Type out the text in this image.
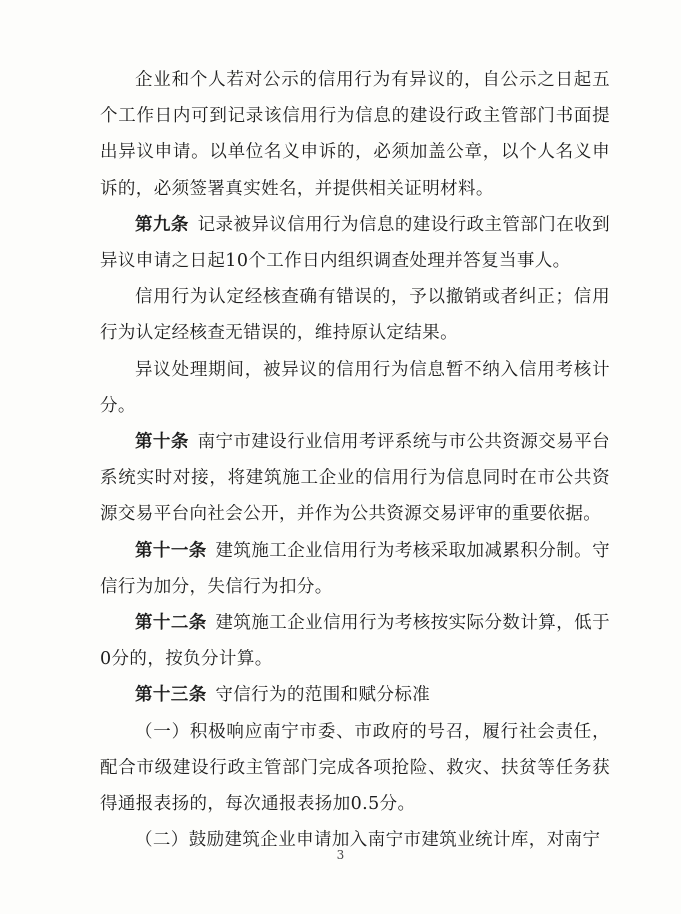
企业和个人若对公示的信用行为有异议的，自公示之日起五个工作日内可到记录该信用行为信息的建设行政主管部门书面提出异议申请。以单位名义申诉的，必须加盖公章，以个人名义申诉的，必须签署真实姓名，并提供相关证明材料。

第九条 记录被异议信用行为信息的建设行政主管部门在收到异议申请之日起10个工作日内组织调查处理并答复当事人。

信用行为认定经核查确有错误的，予以撤销或者纠正；信用行为认定经核查无错误的，维持原认定结果。

异议处理期间，被异议的信用行为信息暂不纳入信用考核计分。

第十条 南宁市建设行业信用考评系统与市公共资源交易平台系统实时对接，将建筑施工企业的信用行为信息同时在市公共资源交易平台向社会公开，并作为公共资源交易评审的重要依据。

第十一条 建筑施工企业信用行为考核采取加减累积分制。守信行为加分，失信行为扣分。

第十二条 建筑施工企业信用行为考核按实际分数计算，低于0分的，按负分计算。

第十三条 守信行为的范围和赋分标准

（一）积极响应南宁市委、市政府的号召，履行社会责任，配合市级建设行政主管部门完成各项抢险、救灾、扶贫等任务获得通报表扬的，每次通报表扬加0.5分。

（二）鼓励建筑企业申请加入南宁市建筑业统计库，对南宁

3
